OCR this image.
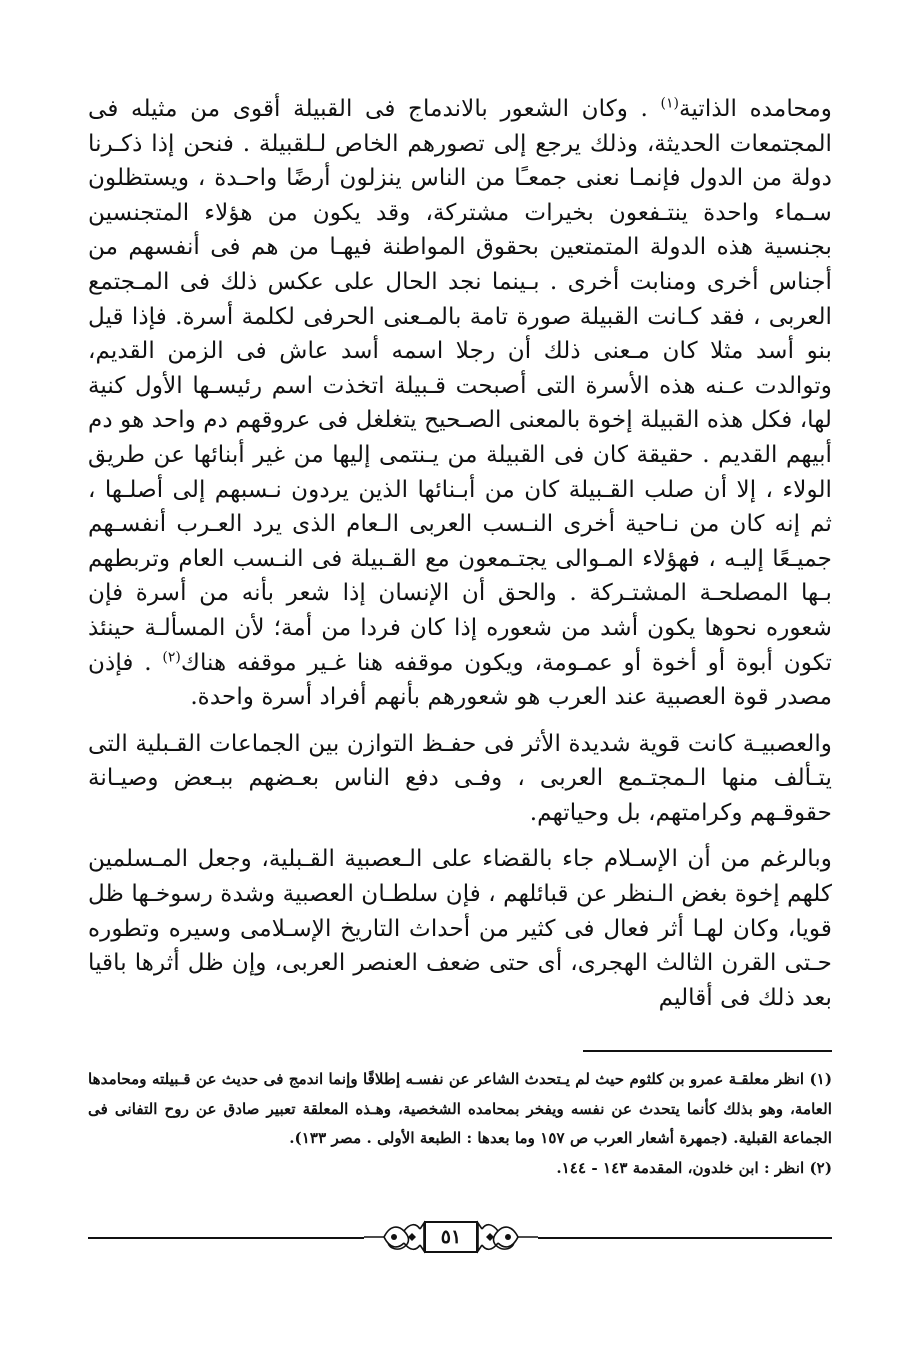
ومحامده الذاتية$^{(١)}$ . وكان الشعور بالاندماج فى القبيلة أقوى من مثيله فى المجتمعات الحديثة، وذلك يرجع إلى تصورهم الخاص لـلقبيلة . فنحن إذا ذكـرنا دولة من الدول فإنمـا نعنى جمعـًا من الناس ينزلون أرضًا واحـدة ، ويستظلون سـماء واحدة ينتـفعون بخيرات مشتركة، وقد يكون من هؤلاء المتجنسين بجنسية هذه الدولة المتمتعين بحقوق المواطنة فيهـا من هم فى أنفسهم من أجناس أخرى ومنابت أخرى . بـينما نجد الحال على عكس ذلك فى المـجتمع العربى ، فقد كـانت القبيلة صورة تامة بالمـعنى الحرفى لكلمة أسرة. فإذا قيل بنو أسد مثلا كان مـعنى ذلك أن رجلا اسمه أسد عاش فى الزمن القديم، وتوالدت عـنه هذه الأسرة التى أصبحت قـبيلة اتخذت اسم رئيسـها الأول كنية لها، فكل هذه القبيلة إخوة بالمعنى الصـحيح يتغلغل فى عروقهم دم واحد هو دم أبيهم القديم . حقيقة كان فى القبيلة من يـنتمى إليها من غير أبنائها عن طريق الولاء ، إلا أن صلب القـبيلة كان من أبـنائها الذين يردون نـسبهم إلى أصلـها ، ثم إنه كان من نـاحية أخرى النـسب العربى الـعام الذى يرد العـرب أنفسـهم جميـعًا إليـه ، فهؤلاء المـوالى يجتـمعون مع القـبيلة فى النـسب العام وتربطهم بـها المصلحـة المشتـركة . والحق أن الإنسان إذا شعر بأنه من أسرة فإن شعوره نحوها يكون أشد من شعوره إذا كان فردا من أمة؛ لأن المسألـة حينئذ تكون أبوة أو أخوة أو عمـومة، ويكون موقفه هنا غـير موقفه هناك$^{(٢)}$ . فإذن مصدر قوة العصبية عند العرب هو شعورهم بأنهم أفراد أسرة واحدة.

والعصبيـة كانت قوية شديدة الأثر فى حفـظ التوازن بين الجماعات القـبلية التى يتـألف منها الـمجتـمع العربى ، وفـى دفع الناس بعـضهم ببـعض وصيـانة حقوقـهم وكرامتهم، بل وحياتهم.

وبالرغم من أن الإسـلام جاء بالقضاء على الـعصبية القـبلية، وجعل المـسلمين كلهم إخوة بغض الـنظر عن قبائلهم ، فإن سلطـان العصبية وشدة رسوخـها ظل قويا، وكان لهـا أثر فعال فى كثير من أحداث التاريخ الإسـلامى وسيره وتطوره حـتى القرن الثالث الهجرى، أى حتى ضعف العنصر العربى، وإن ظل أثرها باقيا بعد ذلك فى أقاليم

(١) انظر معلقـة عمرو بن كلثوم حيث لم يـتحدث الشاعر عن نفسـه إطلاقًا وإنما اندمج فى حديث عن قـبيلته ومحامدها العامة، وهو بذلك كأنما يتحدث عن نفسه ويفخر بمحامده الشخصية، وهـذه المعلقة تعبير صادق عن روح التفانى فى الجماعة القبلية. (جمهرة أشعار العرب ص ١٥٧ وما بعدها : الطبعة الأولى . مصر ١٣٣).

(٢) انظر : ابن خلدون، المقدمة ١٤٣ - ١٤٤.

٥١
